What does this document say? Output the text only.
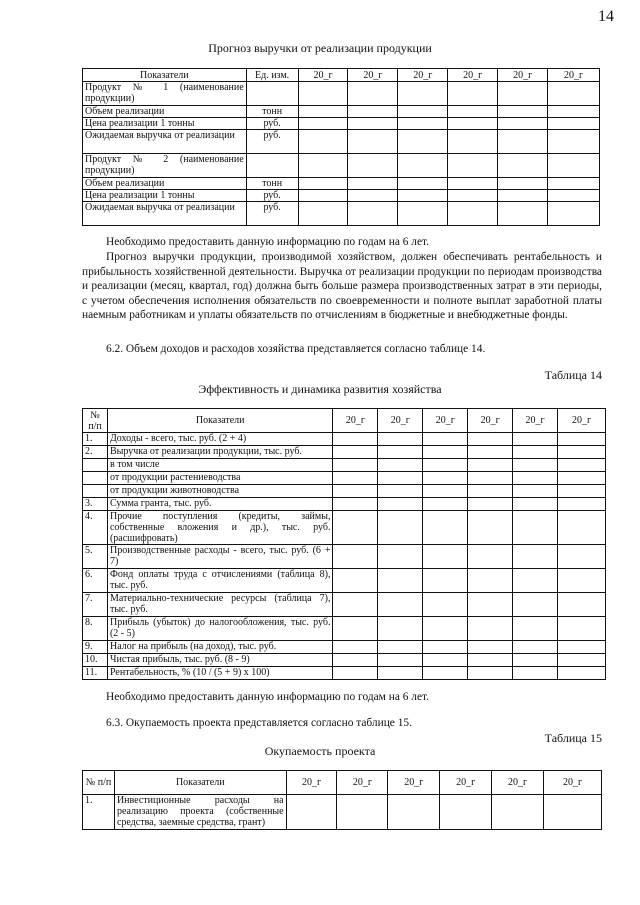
14
Прогноз выручки от реализации продукции
Показатели	Ед. изм.	20_г	20_г	20_г	20_г	20_г	20_г
Продукт № 1 (наименование продукции)							
Объем реализации	тонн						
Цена реализации 1 тонны	руб.						
Ожидаемая выручка от реализации	руб.						
Продукт № 2 (наименование продукции)							
Объем реализации	тонн						
Цена реализации 1 тонны	руб.						
Ожидаемая выручка от реализации	руб.						
Необходимо предоставить данную информацию по годам на 6 лет.
Прогноз выручки продукции, производимой хозяйством, должен обеспечивать рентабельность и прибыльность хозяйственной деятельности. Выручка от реализации продукции по периодам производства и реализации (месяц, квартал, год) должна быть больше размера производственных затрат в эти периоды, с учетом обеспечения исполнения обязательств по своевременности и полноте выплат заработной платы наемным работникам и уплаты обязательств по отчислениям в бюджетные и внебюджетные фонды.
6.2. Объем доходов и расходов хозяйства представляется согласно таблице 14.
Таблица 14
Эффективность и динамика развития хозяйства
№ п/п	Показатели	20_г	20_г	20_г	20_г	20_г	20_г
1.	Доходы - всего, тыс. руб. (2 + 4)						
2.	Выручка от реализации продукции, тыс. руб.						
	в том числе						
	от продукции растениеводства						
	от продукции животноводства						
3.	Сумма гранта, тыс. руб.						
4.	Прочие поступления (кредиты, займы, собственные вложения и др.), тыс. руб. (расшифровать)						
5.	Производственные расходы - всего, тыс. руб. (6 + 7)						
6.	Фонд оплаты труда с отчислениями (таблица 8), тыс. руб.						
7.	Материально-технические ресурсы (таблица 7), тыс. руб.						
8.	Прибыль (убыток) до налогообложения, тыс. руб. (2 - 5)						
9.	Налог на прибыль (на доход), тыс. руб.						
10.	Чистая прибыль, тыс. руб. (8 - 9)						
11.	Рентабельность, % (10 / (5 + 9) x 100)						
Необходимо предоставить данную информацию по годам на 6 лет.
6.3. Окупаемость проекта представляется согласно таблице 15.
Таблица 15
Окупаемость проекта
№ п/п	Показатели	20_г	20_г	20_г	20_г	20_г	20_г
1.	Инвестиционные расходы на реализацию проекта (собственные средства, заемные средства, грант)						
